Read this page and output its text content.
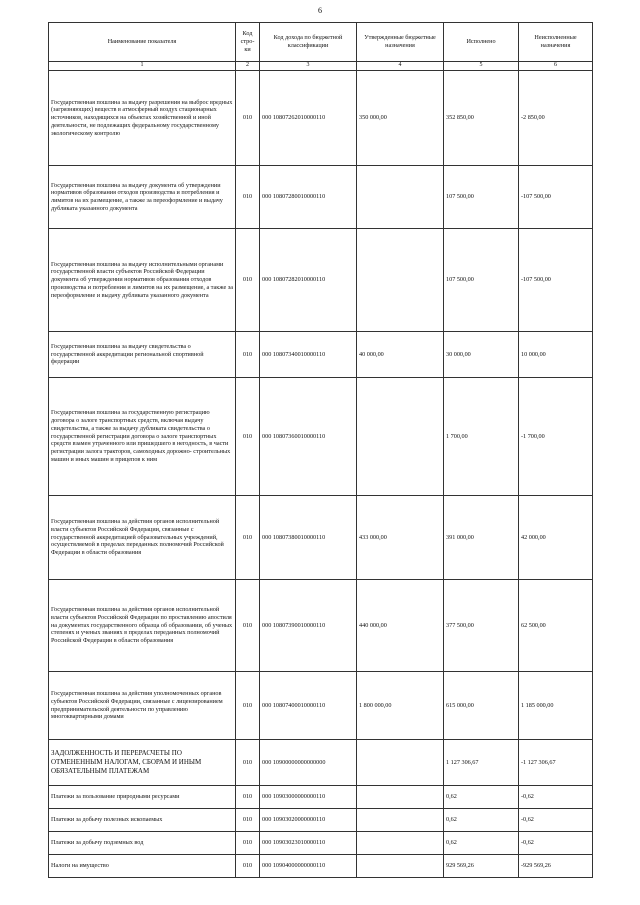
6
Наименование показателя	Код стро-ки	Код дохода по бюджетной классификации	Утвержденные бюджетные назначения	Исполнено	Неисполненные назначения
1	2	3	4	5	6
Государственная пошлина за выдачу разрешения на выброс вредных (загрязняющих) веществ в атмосферный воздух стационарных источников, находящихся на объектах хозяйственной и иной деятельности, не подлежащих федеральному государственному экологическому контролю	010	000 10807262010000110	350 000,00	352 850,00	-2 850,00
Государственная пошлина за выдачу документа об утверждении нормативов образования отходов производства и потребления и лимитов на их размещение, а также за переоформление и выдачу дубликата указанного документа	010	000 10807280010000110		107 500,00	-107 500,00
Государственная пошлина за выдачу исполнительными органами государственной власти субъектов Российской Федерации документа об утверждении нормативов образования отходов производства и потребления и лимитов на их размещение, а также за переоформление и выдачу дубликата указанного документа	010	000 10807282010000110		107 500,00	-107 500,00
Государственная пошлина за выдачу свидетельства о государственной аккредитации региональной спортивной федерации	010	000 10807340010000110	40 000,00	30 000,00	10 000,00
Государственная пошлина за государственную регистрацию договора о залоге транспортных средств, включая выдачу свидетельства, а также за выдачу дубликата свидетельства о государственной регистрации договора о залоге транспортных средств взамен утраченного или пришедшего в негодность, в части регистрации залога тракторов, самоходных дорожно- строительных машин и иных машин и прицепов к ним	010	000 10807360010000110		1 700,00	-1 700,00
Государственная пошлина за действия органов исполнительной власти субъектов Российской Федерации, связанные с государственной аккредитацией образовательных учреждений, осуществляемой в пределах переданных полномочий Российской Федерации в области образования	010	000 10807380010000110	433 000,00	391 000,00	42 000,00
Государственная пошлина за действия органов исполнительной власти субъектов Российской Федерации по проставлению апостиля на документах государственного образца об образовании, об ученых степенях и ученых званиях в пределах переданных полномочий Российской Федерации в области образования	010	000 10807390010000110	440 000,00	377 500,00	62 500,00
Государственная пошлина за действия уполномоченных органов субъектов Российской Федерации, связанные с лицензированием предпринимательской деятельности по управлению многоквартирными домами	010	000 10807400010000110	1 800 000,00	615 000,00	1 185 000,00
ЗАДОЛЖЕННОСТЬ И ПЕРЕРАСЧЕТЫ ПО ОТМЕНЕННЫМ НАЛОГАМ, СБОРАМ И ИНЫМ ОБЯЗАТЕЛЬНЫМ ПЛАТЕЖАМ	010	000 10900000000000000		1 127 306,67	-1 127 306,67
Платежи за пользование природными ресурсами	010	000 10903000000000110		0,62	-0,62
Платежи за добычу полезных ископаемых	010	000 10903020000000110		0,62	-0,62
Платежи за добычу подземных вод	010	000 10903023010000110		0,62	-0,62
Налоги на имущество	010	000 10904000000000110		929 569,26	-929 569,26
